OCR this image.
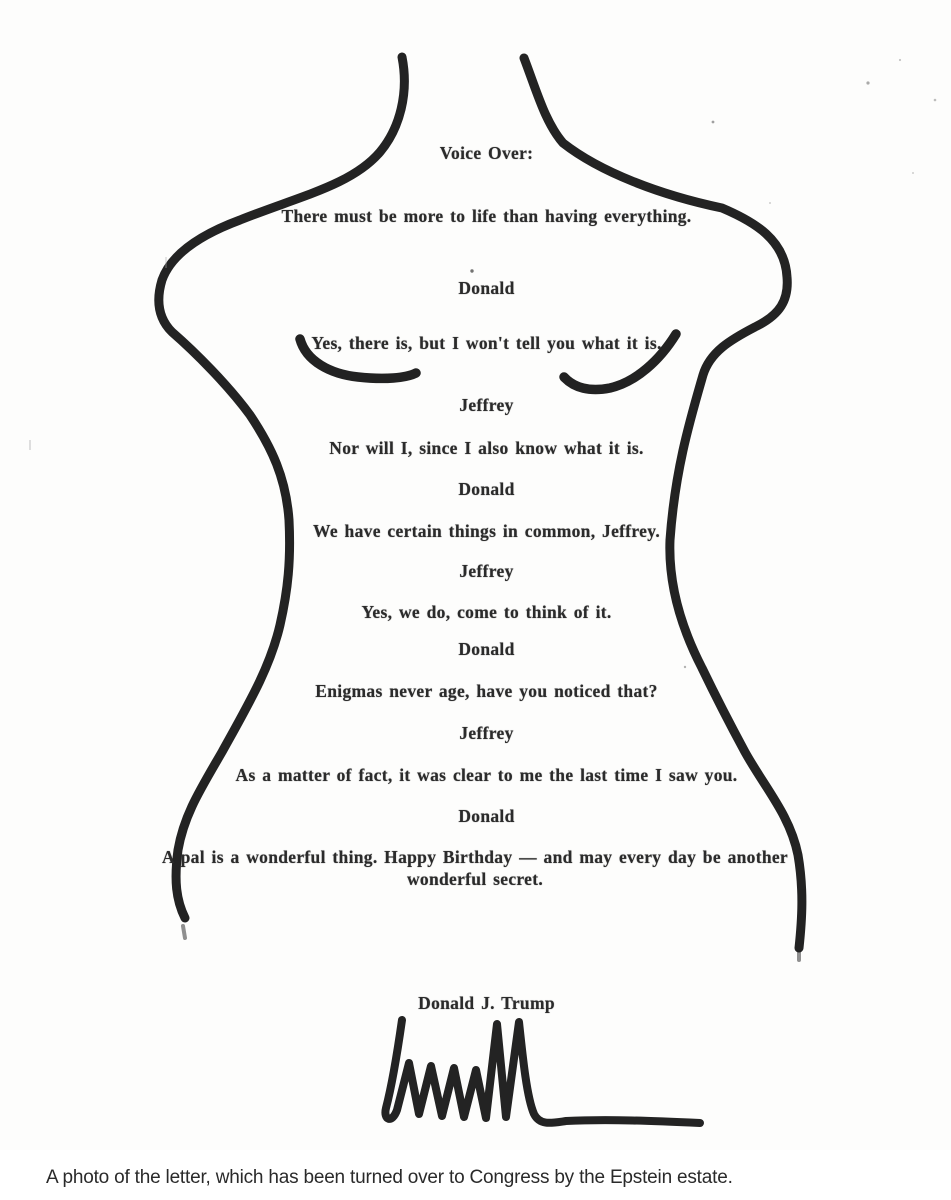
Voice Over:
There must be more to life than having everything.
Donald
Yes, there is, but I won't tell you what it is.
Jeffrey
Nor will I, since I also know what it is.
Donald
We have certain things in common, Jeffrey.
Jeffrey
Yes, we do, come to think of it.
Donald
Enigmas never age, have you noticed that?
Jeffrey
As a matter of fact, it was clear to me the last time I saw you.
Donald
A pal is a wonderful thing. Happy Birthday — and may every day be another wonderful secret.
Donald J. Trump
A photo of the letter, which has been turned over to Congress by the Epstein estate.
